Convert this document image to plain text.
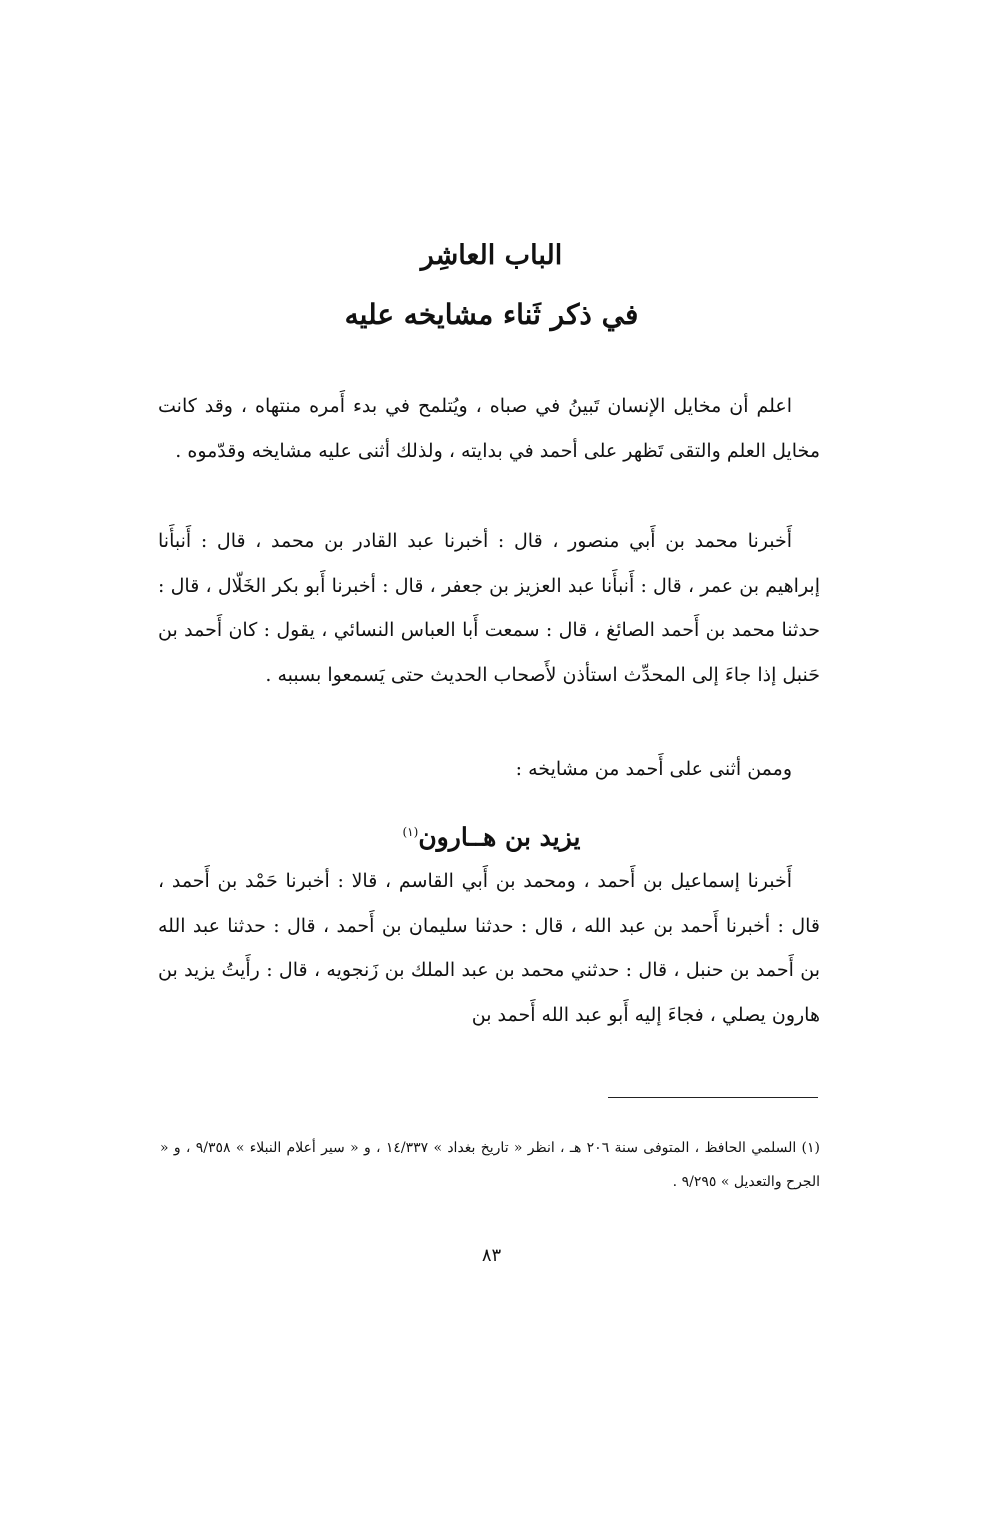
الباب العاشِر
في ذكر ثَناء مشايخه عليه

اعلم أن مخايل الإنسان تَبينُ في صباه ، ويُتلمح في بدء أَمره منتهاه ، وقد كانت مخايل العلم والتقى تَظهر على أحمد في بدايته ، ولذلك أثنى عليه مشايخه وقدّموه .

أَخبرنا محمد بن أَبي منصور ، قال : أخبرنا عبد القادر بن محمد ، قال : أَنبأَنا إبراهيم بن عمر ، قال : أَنبأَنا عبد العزيز بن جعفر ، قال : أخبرنا أَبو بكر الخَلّال ، قال : حدثنا محمد بن أَحمد الصائغ ، قال : سمعت أَبا العباس النسائي ، يقول : كان أَحمد بن حَنبل إذا جاءَ إلى المحدِّث استأذن لأَصحاب الحديث حتى يَسمعوا بسببه .

وممن أثنى على أَحمد من مشايخه :

يزيد بن هــارون$^{(١)}$

أَخبرنا إسماعيل بن أَحمد ، ومحمد بن أَبي القاسم ، قالا : أخبرنا حَمْد بن أَحمد ، قال : أخبرنا أَحمد بن عبد الله ، قال : حدثنا سليمان بن أَحمد ، قال : حدثنا عبد الله بن أَحمد بن حنبل ، قال : حدثني محمد بن عبد الملك بن زَنجويه ، قال : رأَيتُ يزيد بن هارون يصلي ، فجاءَ إليه أَبو عبد الله أَحمد بن

(١) السلمي الحافظ ، المتوفى سنة ٢٠٦ هـ ، انظر « تاريخ بغداد » ١٤/٣٣٧ ، و « سير أعلام النبلاء » ٩/٣٥٨ ، و « الجرح والتعديل » ٩/٢٩٥ .

٨٣
